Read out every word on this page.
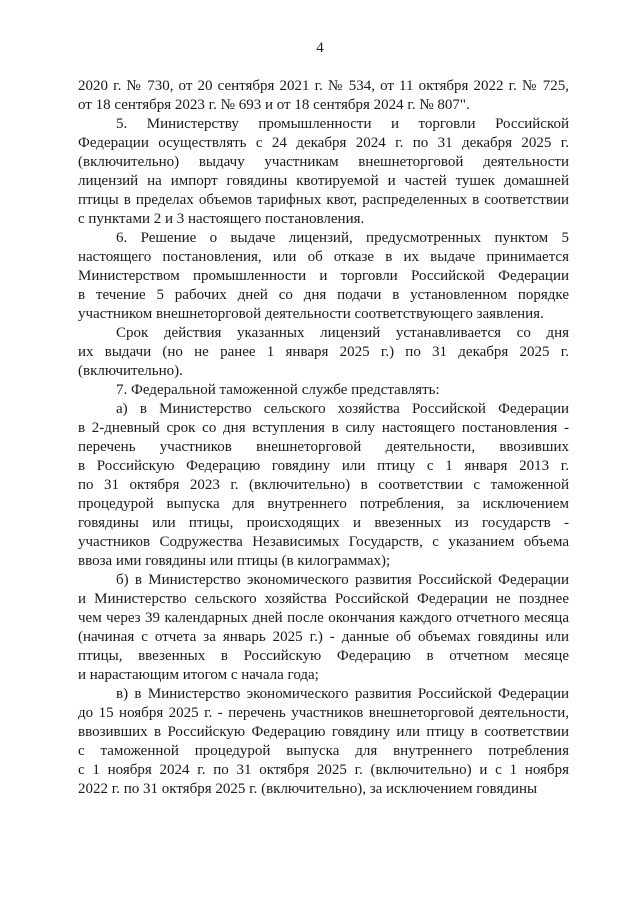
4
2020 г. № 730, от 20 сентября 2021 г. № 534, от 11 октября 2022 г. № 725,
от 18 сентября 2023 г. № 693 и от 18 сентября 2024 г. № 807".
5. Министерству промышленности и торговли Российской
Федерации осуществлять с 24 декабря 2024 г. по 31 декабря 2025 г.
(включительно) выдачу участникам внешнеторговой деятельности
лицензий на импорт говядины квотируемой и частей тушек домашней
птицы в пределах объемов тарифных квот, распределенных в соответствии
с пунктами 2 и 3 настоящего постановления.
6. Решение о выдаче лицензий, предусмотренных пунктом 5
настоящего постановления, или об отказе в их выдаче принимается
Министерством промышленности и торговли Российской Федерации
в течение 5 рабочих дней со дня подачи в установленном порядке
участником внешнеторговой деятельности соответствующего заявления.
Срок действия указанных лицензий устанавливается со дня
их выдачи (но не ранее 1 января 2025 г.) по 31 декабря 2025 г.
(включительно).
7. Федеральной таможенной службе представлять:
а) в Министерство сельского хозяйства Российской Федерации
в 2-дневный срок со дня вступления в силу настоящего постановления -
перечень участников внешнеторговой деятельности, ввозивших
в Российскую Федерацию говядину или птицу с 1 января 2013 г.
по 31 октября 2023 г. (включительно) в соответствии с таможенной
процедурой выпуска для внутреннего потребления, за исключением
говядины или птицы, происходящих и ввезенных из государств -
участников Содружества Независимых Государств, с указанием объема
ввоза ими говядины или птицы (в килограммах);
б) в Министерство экономического развития Российской Федерации
и Министерство сельского хозяйства Российской Федерации не позднее
чем через 39 календарных дней после окончания каждого отчетного месяца
(начиная с отчета за январь 2025 г.) - данные об объемах говядины или
птицы, ввезенных в Российскую Федерацию в отчетном месяце
и нарастающим итогом с начала года;
в) в Министерство экономического развития Российской Федерации
до 15 ноября 2025 г. - перечень участников внешнеторговой деятельности,
ввозивших в Российскую Федерацию говядину или птицу в соответствии
с таможенной процедурой выпуска для внутреннего потребления
с 1 ноября 2024 г. по 31 октября 2025 г. (включительно) и с 1 ноября
2022 г. по 31 октября 2025 г. (включительно), за исключением говядины
